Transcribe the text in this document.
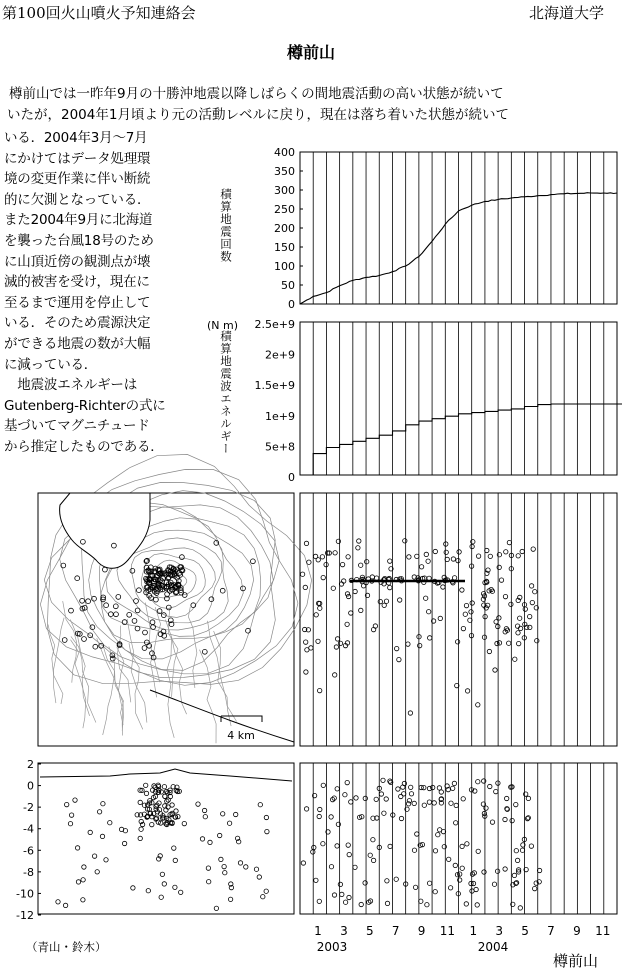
第100回火山噴火予知連絡会	北海道大学
樽前山
樽前山では一昨年9月の十勝沖地震以降しばらくの間地震活動の高い状態が続いて
いたが，2004年1月頃より元の活動レベルに戻り，現在は落ち着いた状態が続いて
いる．2004年3月～7月
にかけてはデータ処理環
境の変更作業に伴い断続
的に欠測となっている．
また2004年9月に北海道
を襲った台風18号のため
に山頂近傍の観測点が壊
滅的被害を受け，現在に
至るまで運用を停止して
いる．そのため震源決定
ができる地震の数が大幅
に減っている．
　地震波エネルギーは
Gutenberg-Richterの式に
基づいてマグニチュード
から推定したものである．
積算地震回数
(N m)
積算地震波エネルギー
400
350
300
250
200
150
100
50
0
2.5e+9
2e+9
1.5e+9
1e+9
5e+8
0
4 km
2
0
-2
-4
-6
-8
-10
-12
1 3 5 7 9 11 1 3 5 7 9 11
2003	2004
（青山・鈴木）
樽前山
